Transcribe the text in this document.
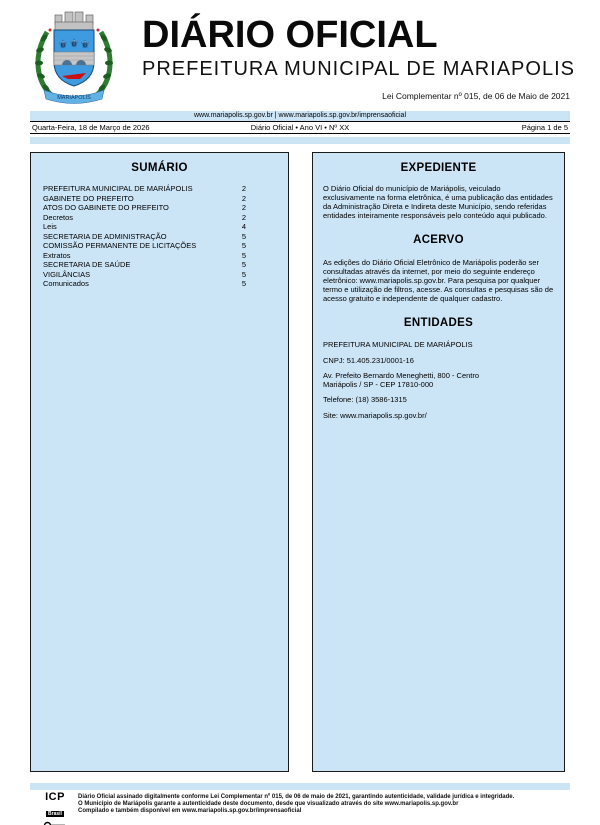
⚜ ⚜ ⚜
MARIÁPOLIS
DIÁRIO OFICIAL
PREFEITURA MUNICIPAL DE MARIAPOLIS
Lei Complementar nº 015, de 06 de Maio de 2021
www.mariapolis.sp.gov.br | www.mariapolis.sp.gov.br/imprensaoficial
Quarta-Feira, 18 de Março de 2026	Diário Oficial • Ano VI • Nº XX	Página 1 de 5
SUMÁRIO
PREFEITURA MUNICIPAL DE MARIÁPOLIS	2
GABINETE DO PREFEITO	2
ATOS DO GABINETE DO PREFEITO	2
Decretos	2
Leis	4
SECRETARIA DE ADMINISTRAÇÃO	5
COMISSÃO PERMANENTE DE LICITAÇÕES	5
Extratos	5
SECRETARIA DE SAÚDE	5
VIGILÂNCIAS	5
Comunicados	5
EXPEDIENTE

O Diário Oficial do município de Mariápolis, veiculado exclusivamente na forma eletrônica, é uma publicação das entidades da Administração Direta e Indireta deste Município, sendo referidas entidades inteiramente responsáveis pelo conteúdo aqui publicado.

ACERVO

As edições do Diário Oficial Eletrônico de Mariápolis poderão ser consultadas através da internet, por meio do seguinte endereço eletrônico: www.mariapolis.sp.gov.br. Para pesquisa por qualquer termo e utilização de filtros, acesse. As consultas e pesquisas são de acesso gratuito e independente de qualquer cadastro.

ENTIDADES
PREFEITURA MUNICIPAL DE MARIÁPOLIS
CNPJ: 51.405.231/0001-16
Av. Prefeito Bernardo Meneghetti, 800 - Centro
Mariápolis / SP - CEP 17810-000
Telefone: (18) 3586-1315
Site: www.mariapolis.sp.gov.br/
ICP
Brasil
Diário Oficial assinado digitalmente conforme Lei Complementar nº 015, de 06 de maio de 2021, garantindo autenticidade, validade jurídica e integridade.
O Município de Mariápolis garante a autenticidade deste documento, desde que visualizado através do site www.mariapolis.sp.gov.br
Compilado e também disponível em www.mariapolis.sp.gov.br/imprensaoficial
